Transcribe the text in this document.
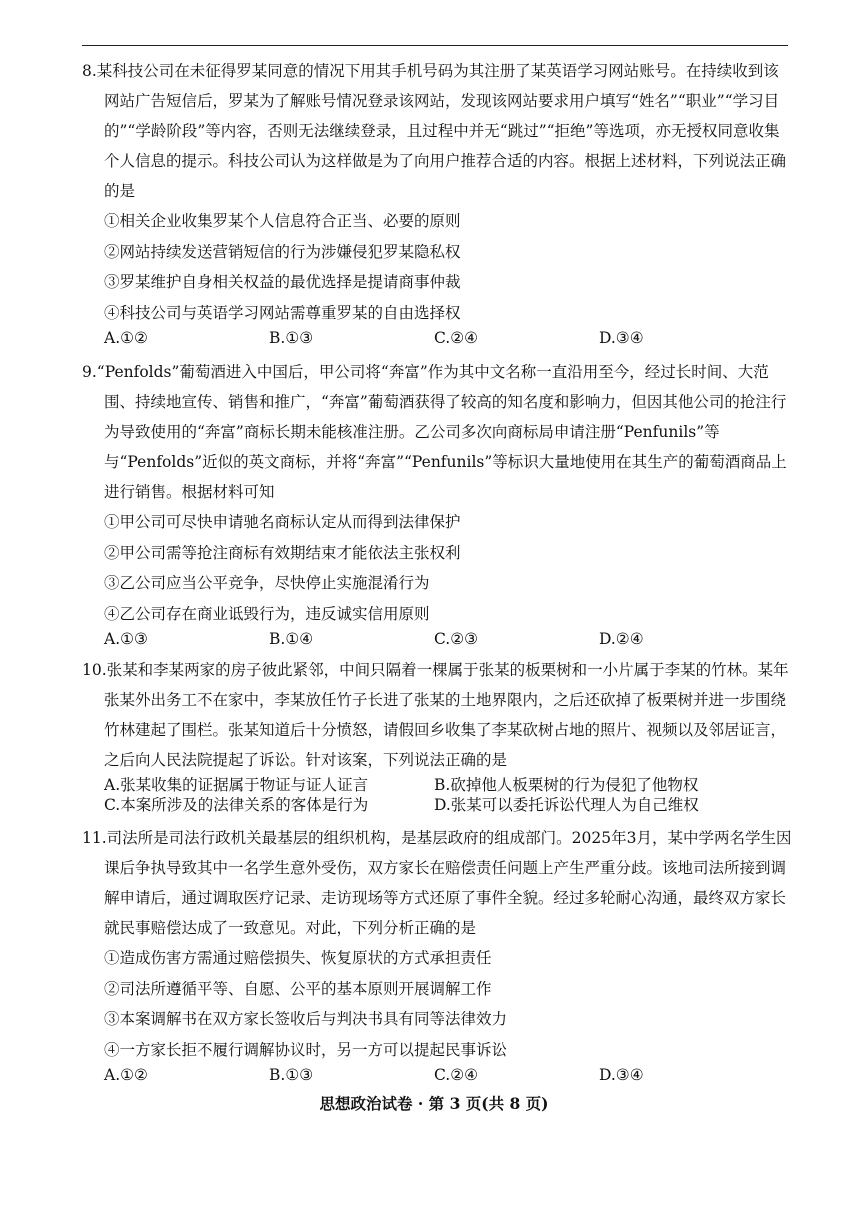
8.某科技公司在未征得罗某同意的情况下用其手机号码为其注册了某英语学习网站账号。在持续收到该网站广告短信后，罗某为了解账号情况登录该网站，发现该网站要求用户填写“姓名”“职业”“学习目的”“学龄阶段”等内容，否则无法继续登录，且过程中并无“跳过”“拒绝”等选项，亦无授权同意收集个人信息的提示。科技公司认为这样做是为了向用户推荐合适的内容。根据上述材料，下列说法正确的是

①相关企业收集罗某个人信息符合正当、必要的原则

②网站持续发送营销短信的行为涉嫌侵犯罗某隐私权

③罗某维护自身相关权益的最优选择是提请商事仲裁

④科技公司与英语学习网站需尊重罗某的自由选择权

A.①②	B.①③	C.②④	D.③④

9.“Penfolds”葡萄酒进入中国后，甲公司将“奔富”作为其中文名称一直沿用至今，经过长时间、大范围、持续地宣传、销售和推广，“奔富”葡萄酒获得了较高的知名度和影响力，但因其他公司的抢注行为导致使用的“奔富”商标长期未能核准注册。乙公司多次向商标局申请注册“Penfunils”等与“Penfolds”近似的英文商标，并将“奔富”“Penfunils”等标识大量地使用在其生产的葡萄酒商品上进行销售。根据材料可知

①甲公司可尽快申请驰名商标认定从而得到法律保护

②甲公司需等抢注商标有效期结束才能依法主张权利

③乙公司应当公平竞争，尽快停止实施混淆行为

④乙公司存在商业诋毁行为，违反诚实信用原则

A.①③	B.①④	C.②③	D.②④

10.张某和李某两家的房子彼此紧邻，中间只隔着一棵属于张某的板栗树和一小片属于李某的竹林。某年张某外出务工不在家中，李某放任竹子长进了张某的土地界限内，之后还砍掉了板栗树并进一步围绕竹林建起了围栏。张某知道后十分愤怒，请假回乡收集了李某砍树占地的照片、视频以及邻居证言，之后向人民法院提起了诉讼。针对该案，下列说法正确的是

A.张某收集的证据属于物证与证人证言	B.砍掉他人板栗树的行为侵犯了他物权
C.本案所涉及的法律关系的客体是行为	D.张某可以委托诉讼代理人为自己维权

11.司法所是司法行政机关最基层的组织机构，是基层政府的组成部门。2025年3月，某中学两名学生因课后争执导致其中一名学生意外受伤，双方家长在赔偿责任问题上产生严重分歧。该地司法所接到调解申请后，通过调取医疗记录、走访现场等方式还原了事件全貌。经过多轮耐心沟通，最终双方家长就民事赔偿达成了一致意见。对此，下列分析正确的是

①造成伤害方需通过赔偿损失、恢复原状的方式承担责任

②司法所遵循平等、自愿、公平的基本原则开展调解工作

③本案调解书在双方家长签收后与判决书具有同等法律效力

④一方家长拒不履行调解协议时，另一方可以提起民事诉讼

A.①②	B.①③	C.②④	D.③④
思想政治试卷 · 第 3 页(共 8 页)
